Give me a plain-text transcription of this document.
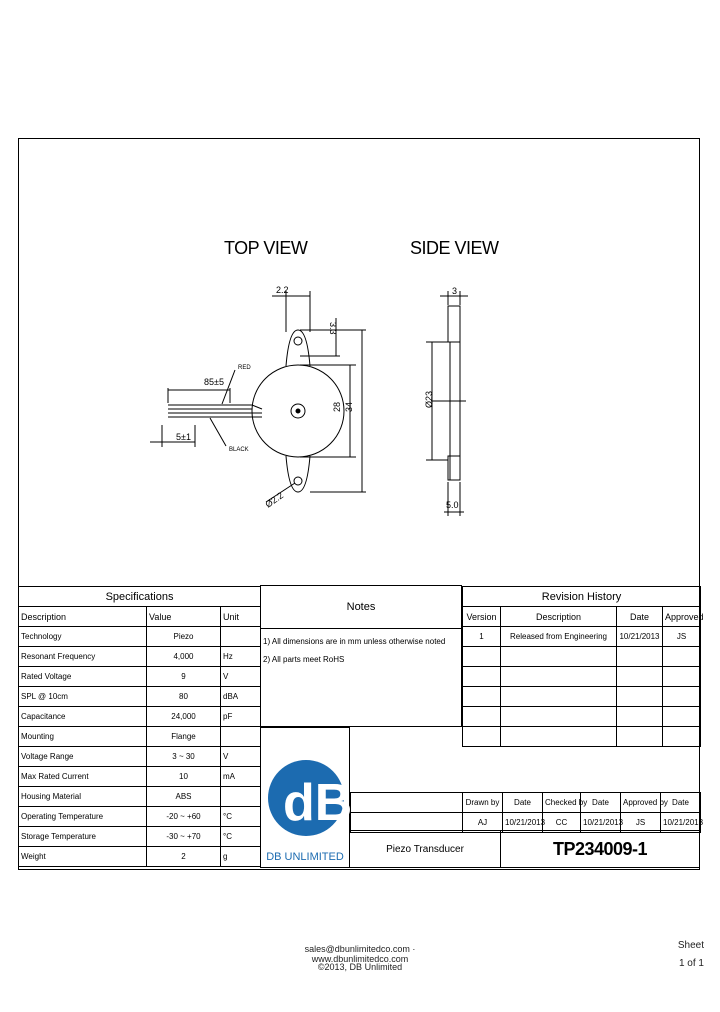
TOP VIEW	SIDE VIEW
2.2
3.3
85±5
RED
BLACK
5±1
28 34
Ø2.2
3
Ø23
5.0
Specifications		
Description	Value	Unit
Technology	Piezo	
Resonant Frequency	4,000	Hz
Rated Voltage	9	V
SPL @ 10cm	80	dBA
Capacitance	24,000	pF
Mounting	Flange	
Voltage Range	3 ~ 30	V
Max Rated Current	10	mA
Housing Material	ABS	
Operating Temperature	-20 ~ +60	°C
Storage Temperature	-30 ~ +70	°C
Weight	2	g
Notes
1) All dimensions are in mm unless otherwise noted
2) All parts meet RoHS
dB
DB UNLIMITED
Revision History			
Version	Description	Date	Approved
1	Released from Engineering	10/21/2013	JS

	Drawn by	Date	Checked by	Date	Approved by	Date
	AJ	10/21/2013	CC	10/21/2013	JS	10/21/2013
Piezo Transducer	TP234009-1
sales@dbunlimitedco.com · www.dbunlimitedco.com
©2013, DB Unlimited
Sheet
1 of 1
